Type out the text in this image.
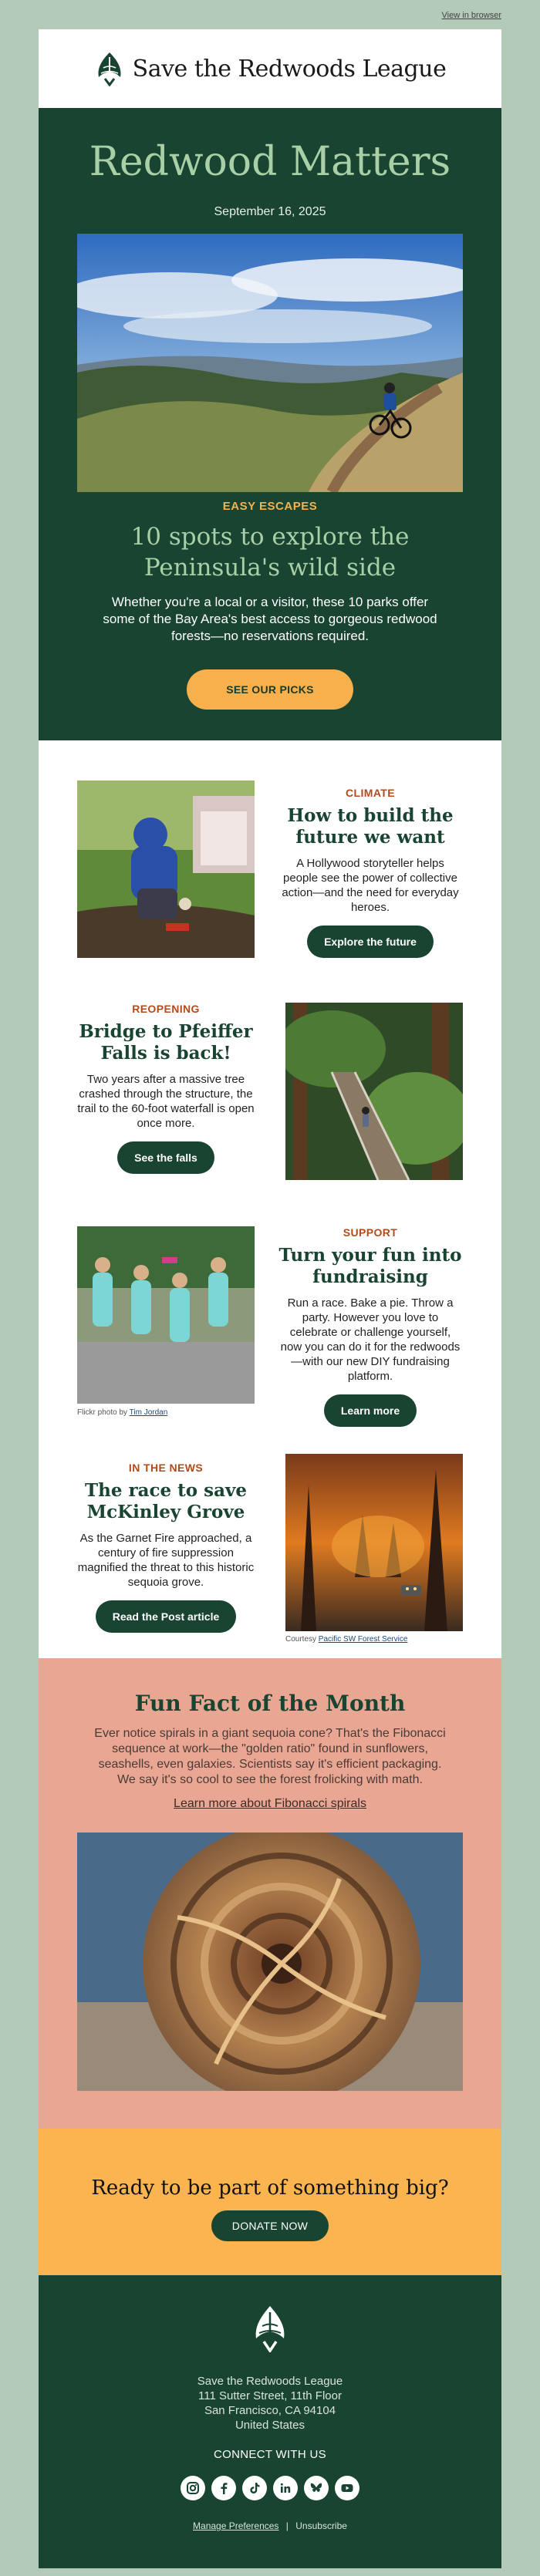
View in browser
Save the Redwoods League
Redwood Matters
September 16, 2025
EASY ESCAPES
10 spots to explore the
Peninsula's wild side
Whether you're a local or a visitor, these 10 parks offer some of the Bay Area's best access to gorgeous redwood forests—no reservations required.
SEE OUR PICKS
CLIMATE
How to build the future we want
A Hollywood storyteller helps people see the power of collective action—and the need for everyday heroes.
Explore the future
REOPENING
Bridge to Pfeiffer Falls is back!
Two years after a massive tree crashed through the structure, the trail to the 60-foot waterfall is open once more.
See the falls
Flickr photo by Tim Jordan
SUPPORT
Turn your fun into fundraising
Run a race. Bake a pie. Throw a party. However you love to celebrate or challenge yourself, now you can do it for the redwoods—with our new DIY fundraising platform.
Learn more
IN THE NEWS
The race to save McKinley Grove
As the Garnet Fire approached, a century of fire suppression magnified the threat to this historic sequoia grove.
Read the Post article
Courtesy Pacific SW Forest Service
Fun Fact of the Month
Ever notice spirals in a giant sequoia cone? That's the Fibonacci sequence at work—the "golden ratio" found in sunflowers, seashells, even galaxies. Scientists say it's efficient packaging. We say it's so cool to see the forest frolicking with math.
Learn more about Fibonacci spirals
Ready to be part of something big?
DONATE NOW
Save the Redwoods League
111 Sutter Street, 11th Floor
San Francisco, CA 94104
United States
CONNECT WITH US
Manage Preferences | Unsubscribe
